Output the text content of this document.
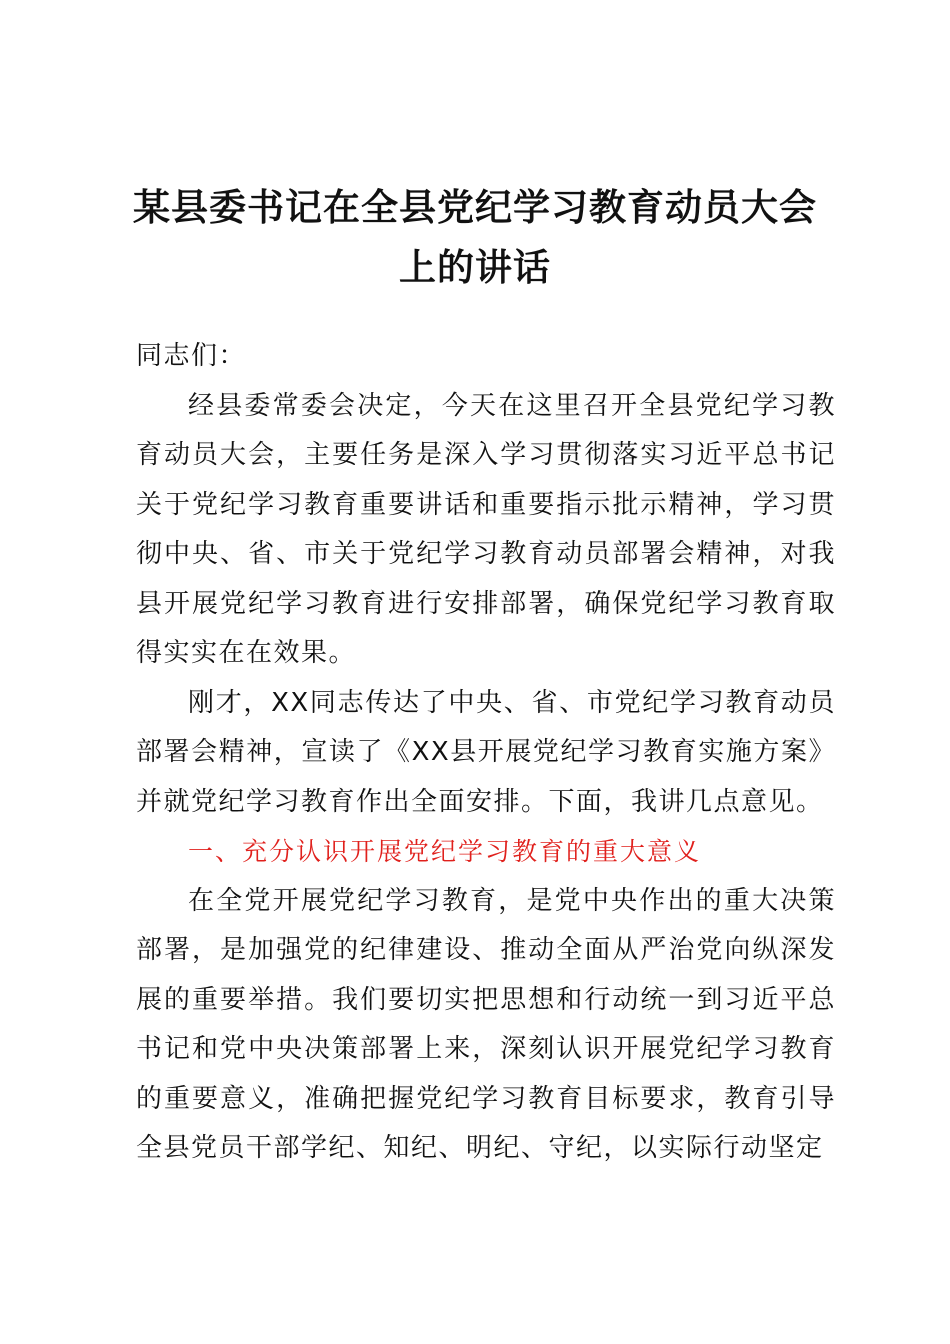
某县委书记在全县党纪学习教育动员大会上的讲话

同志们：

经县委常委会决定，今天在这里召开全县党纪学习教育动员大会，主要任务是深入学习贯彻落实习近平总书记关于党纪学习教育重要讲话和重要指示批示精神，学习贯彻中央、省、市关于党纪学习教育动员部署会精神，对我县开展党纪学习教育进行安排部署，确保党纪学习教育取得实实在在效果。

刚才，XX同志传达了中央、省、市党纪学习教育动员部署会精神，宣读了《XX县开展党纪学习教育实施方案》并就党纪学习教育作出全面安排。下面，我讲几点意见。

一、充分认识开展党纪学习教育的重大意义

在全党开展党纪学习教育，是党中央作出的重大决策部署，是加强党的纪律建设、推动全面从严治党向纵深发展的重要举措。我们要切实把思想和行动统一到习近平总书记和党中央决策部署上来，深刻认识开展党纪学习教育的重要意义，准确把握党纪学习教育目标要求，教育引导全县党员干部学纪、知纪、明纪、守纪，以实际行动坚定
